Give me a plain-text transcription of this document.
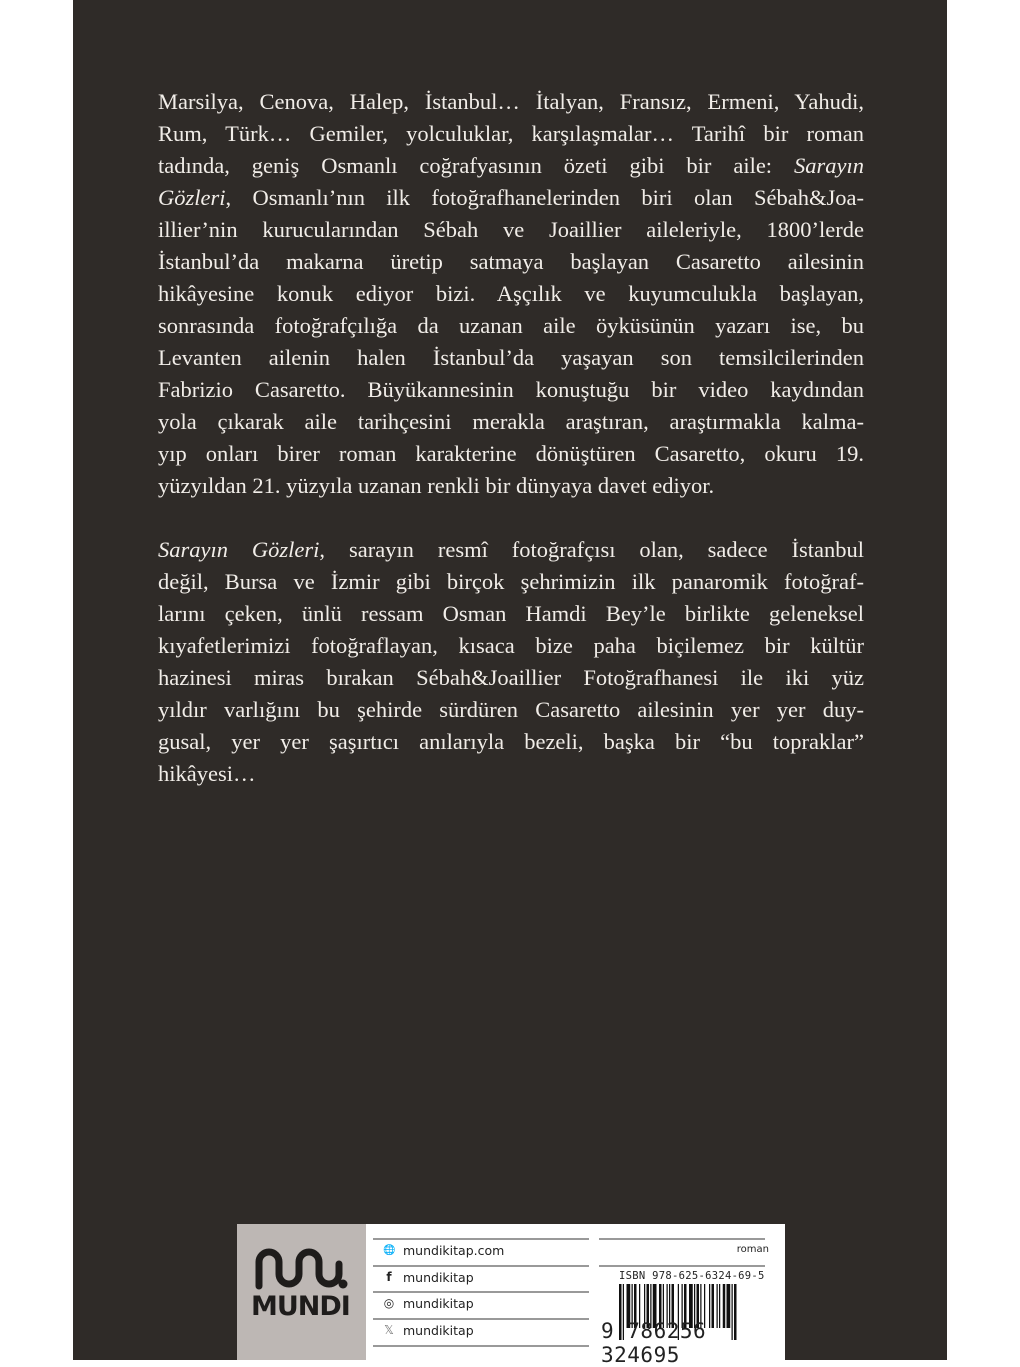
Marsilya, Cenova, Halep, İstanbul… İtalyan, Fransız, Ermeni, Yahudi,
Rum, Türk… Gemiler, yolculuklar, karşılaşmalar… Tarihî bir roman
tadında, geniş Osmanlı coğrafyasının özeti gibi bir aile: Sarayın
Gözleri, Osmanlı’nın ilk fotoğrafhanelerinden biri olan Sébah&Joa-
illier’nin kurucularından Sébah ve Joaillier aileleriyle, 1800’lerde
İstanbul’da makarna üretip satmaya başlayan Casaretto ailesinin
hikâyesine konuk ediyor bizi. Aşçılık ve kuyumculukla başlayan,
sonrasında fotoğrafçılığa da uzanan aile öyküsünün yazarı ise, bu
Levanten ailenin halen İstanbul’da yaşayan son temsilcilerinden
Fabrizio Casaretto. Büyükannesinin konuştuğu bir video kaydından
yola çıkarak aile tarihçesini merakla araştıran, araştırmakla kalma-
yıp onları birer roman karakterine dönüştüren Casaretto, okuru 19.
yüzyıldan 21. yüzyıla uzanan renkli bir dünyaya davet ediyor.
Sarayın Gözleri, sarayın resmî fotoğrafçısı olan, sadece İstanbul
değil, Bursa ve İzmir gibi birçok şehrimizin ilk panaromik fotoğraf-
larını çeken, ünlü ressam Osman Hamdi Bey’le birlikte geleneksel
kıyafetlerimizi fotoğraflayan, kısaca bize paha biçilemez bir kültür
hazinesi miras bırakan Sébah&Joaillier Fotoğrafhanesi ile iki yüz
yıldır varlığını bu şehirde sürdüren Casaretto ailesinin yer yer duy-
gusal, yer yer şaşırtıcı anılarıyla bezeli, başka bir “bu topraklar”
hikâyesi…
MUNDI
🌐 mundikitap.com
f mundikitap
◎ mundikitap
𝕏 mundikitap
roman
ISBN 978-625-6324-69-5
9 786256 324695
